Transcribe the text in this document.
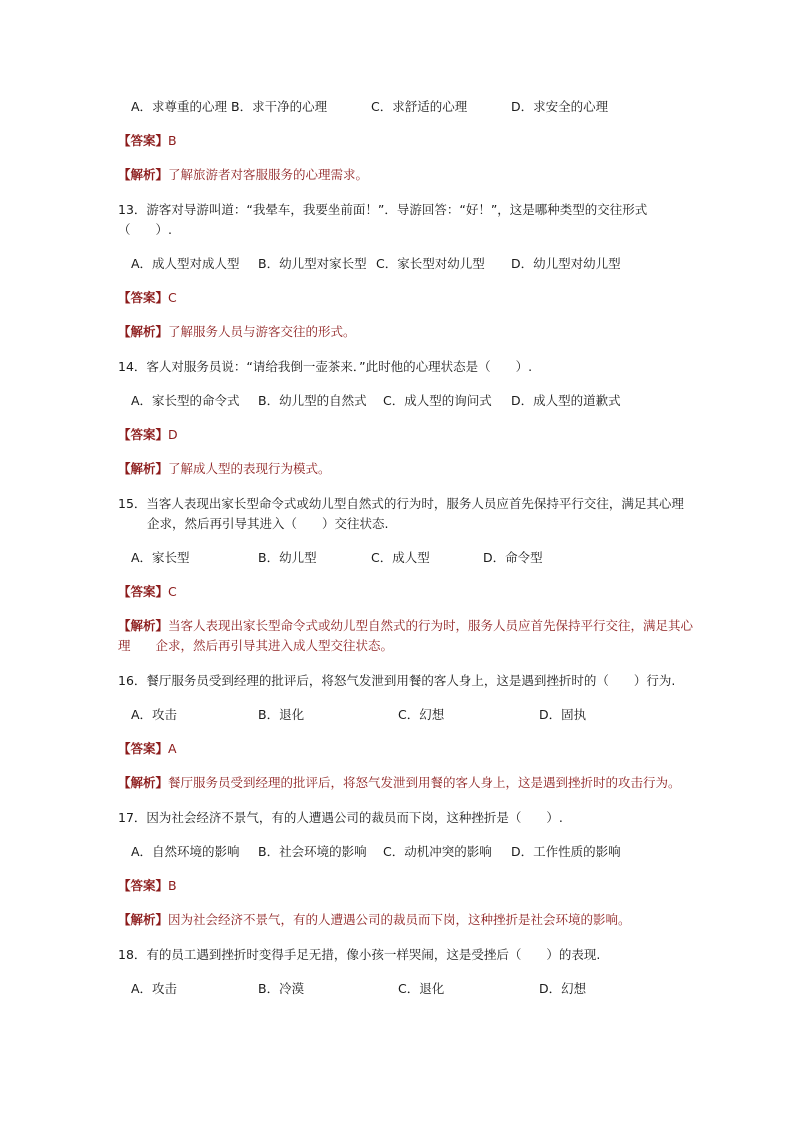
A．求尊重的心理 B．求干净的心理	C．求舒适的心理	D．求安全的心理
【答案】B
【解析】了解旅游者对客服服务的心理需求。
13．游客对导游叫道：“我晕车，我要坐前面！”．导游回答：“好！”，这是哪种类型的交往形式
（　　）.
A．成人型对成人型 B．幼儿型对家长型 C．家长型对幼儿型 D．幼儿型对幼儿型
【答案】C
【解析】了解服务人员与游客交往的形式。
14．客人对服务员说：“请给我倒一壶茶来．”此时他的心理状态是（　　）.
A．家长型的命令式 B．幼儿型的自然式 C．成人型的询问式 D．成人型的道歉式
【答案】D
【解析】了解成人型的表现行为模式。
15．当客人表现出家长型命令式或幼儿型自然式的行为时，服务人员应首先保持平行交往，满足其心理
企求，然后再引导其进入（　　）交往状态.
A．家长型	B．幼儿型	C．成人型	D．命令型
【答案】C
【解析】当客人表现出家长型命令式或幼儿型自然式的行为时，服务人员应首先保持平行交往，满足其心
理　　企求，然后再引导其进入成人型交往状态。
16．餐厅服务员受到经理的批评后，将怒气发泄到用餐的客人身上，这是遇到挫折时的（　　）行为.
A．攻击	B．退化	C．幻想	D．固执
【答案】A
【解析】餐厅服务员受到经理的批评后，将怒气发泄到用餐的客人身上，这是遇到挫折时的攻击行为。
17．因为社会经济不景气，有的人遭遇公司的裁员而下岗，这种挫折是（　　）.
A．自然环境的影响 B．社会环境的影响 C．动机冲突的影响 D．工作性质的影响
【答案】B
【解析】因为社会经济不景气，有的人遭遇公司的裁员而下岗，这种挫折是社会环境的影响。
18．有的员工遇到挫折时变得手足无措，像小孩一样哭闹，这是受挫后（　　）的表现.
A．攻击	B．冷漠	C．退化	D．幻想
